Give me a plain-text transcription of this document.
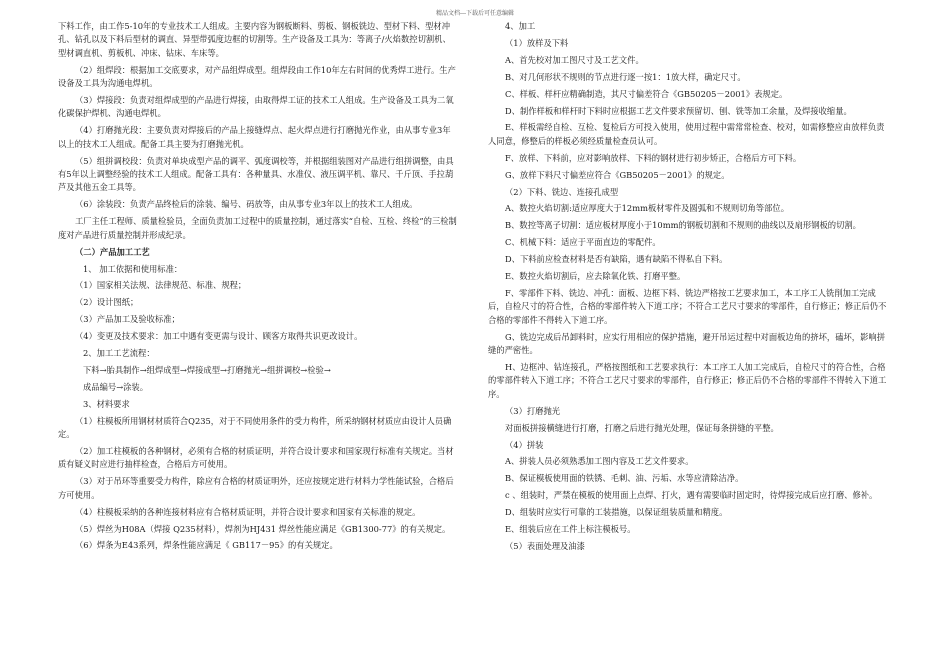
精品文档---下载后可任意编辑

下料工作，由工作5-10年的专业技术工人组成。主要内容为钢板断料、剪板、钢板铣边、型材下料、型材冲孔、钻孔以及下料后型材的调直、异型带弧度边框的切割等。生产设备及工具为：等离子/火焰数控切割机、型材调直机、剪板机、冲床、钻床、车床等。

（2）组焊段：根据加工交底要求，对产品组焊成型。组焊段由工作10年左右时间的优秀焊工进行。生产设备及工具为沟通电焊机。

（3）焊接段：负责对组焊成型的产品进行焊接，由取得焊工证的技术工人组成。生产设备及工具为二氧化碳保护焊机、沟通电焊机。

（4）打磨抛光段：主要负责对焊接后的产品上接缝焊点、起火焊点进行打磨抛光作业，由从事专业3年以上的技术工人组成。配备工具主要为打磨抛光机。

（5）组拼调校段：负责对单块成型产品的调平、弧度调校等，并根据组装图对产品进行组拼调整，由具有5年以上调整经验的技术工人组成。配备工具有：各种量具、水准仪、液压调平机、靠尺、千斤顶、手拉葫芦及其他五金工具等。

（6）涂装段：负责产品终检后的涂装、编号、码放等，由从事专业3年以上的技术工人组成。

工厂主任工程师、质量检验员，全面负责加工过程中的质量控制，通过落实“自检、互检、终检”的三检制度对产品进行质量控制并形成纪录。

（二）产品加工工艺

1、 加工依据和使用标准：

（1）国家相关法规、法律规范、标准、规程；

（2）设计图纸；

（3）产品加工及验收标准；

（4）变更及技术要求：加工中遇有变更需与设计、顾客方取得共识更改设计。

2、加工工艺流程：

下料→胎具制作→组焊成型→焊接成型→打磨抛光→组拼调校→检验→

成品编号→涂装。

3、材料要求

（1）柱模板所用钢材材质符合Q235，对于不同使用条件的受力构件，所采纳钢材材质应由设计人员确定。

（2）加工柱模板的各种钢材，必须有合格的材质证明，并符合设计要求和国家现行标准有关规定。当材质有疑义时应进行抽样检查，合格后方可使用。

（3）对于吊环等重要受力构件，除应有合格的材质证明外，还应按规定进行材料力学性能试验，合格后方可使用。

（4）柱模板采纳的各种连接材料应有合格材质证明，并符合设计要求和国家有关标准的规定。

（5）焊丝为H08A（焊接 Q235材料），焊剂为HJ431 焊丝性能应满足《GB1300-77》的有关规定。

（6）焊条为E43系列，焊条性能应满足《 GB117－95》的有关规定。

4、加工

（1）放样及下料

A、首先校对加工图尺寸及工艺文件。

B、对几何形状不规则的节点进行逐一按1：1放大样，确定尺寸。

C、样板、样杆应精确制造，其尺寸偏差符合《GB50205－2001》表规定。

D、制作样板和样杆时下料时应根据工艺文件要求预留切、刨、铣等加工余量，及焊接收缩量。

E、样板需经自检、互检、复检后方可投入使用，使用过程中需常常检查、校对，如需修整应由放样负责人同意，修整后的样板必须经质量检查员认可。

F、放样、下料前，应对影响放样、下料的钢材进行初步矫正，合格后方可下料。

G、放样下料尺寸偏差应符合《GB50205－2001》的规定。

（2）下料、铣边、连接孔成型

A、数控火焰切割:适应厚度大于12mm板材零件及圆弧和不规则切角等部位。

B、数控等离子切割：适应板材厚度小于10mm的钢板切割和不规则的曲线以及扇形钢板的切割。

C、机械下料：适应于平面直边的零配件。

D、下料前应检查材料是否有缺陷，遇有缺陷不得私自下料。

E、数控火焰切割后，应去除氧化铁、打磨平整。

F、零部件下料、铣边、冲孔：面板、边框下料、铣边严格按工艺要求加工，本工序工人铣削加工完成后，自检尺寸的符合性，合格的零部件转入下道工序；不符合工艺尺寸要求的零部件，自行修正；修正后仍不合格的零部件不得转入下道工序。

G、铣边完成后吊卸料时，应实行用相应的保护措施，避开吊运过程中对面板边角的挤坏，磕坏，影响拼缝的严密性。

H、边框冲、钻连接孔，严格按图纸和工艺要求执行：本工序工人加工完成后，自检尺寸的符合性，合格的零部件转入下道工序；不符合工艺尺寸要求的零部件，自行修正；修正后仍不合格的零部件不得转入下道工序。

（3）打磨抛光

对面板拼接横缝进行打磨，打磨之后进行抛光处理，保证每条拼缝的平整。

（4）拼装

A、拼装人员必须熟悉加工图内容及工艺文件要求。

B、保证模板使用面的铁锈、毛刺、油、污垢、水等应清除洁净。

c 、组装时，严禁在模板的使用面上点焊、打火，遇有需要临时固定时，待焊接完成后应打磨、修补。

D、组装时应实行可靠的工装措施，以保证组装质量和精度。

E、组装后应在工件上标注模板号。

（5）表面处理及油漆
